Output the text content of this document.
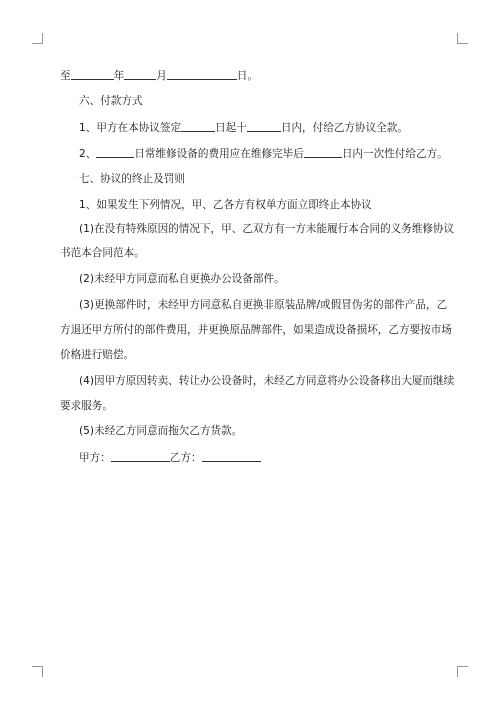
至	年	月	日。
六、付款方式
1、甲方在本协议签定	日起十	日内，付给乙方协议全款。
2、	日常维修设备的费用应在维修完毕后	日内一次性付给乙方。
七、协议的终止及罚则
1、如果发生下列情况，甲、乙各方有权单方面立即终止本协议
(1)在没有特殊原因的情况下，甲、乙双方有一方未能履行本合同的义务维修协议
书范本合同范本。
(2)未经甲方同意而私自更换办公设备部件。
(3)更换部件时，未经甲方同意私自更换非原装品牌/或假冒伪劣的部件产品，乙
方退还甲方所付的部件费用，并更换原品牌部件，如果造成设备损坏，乙方要按市场
价格进行赔偿。
(4)因甲方原因转卖、转让办公设备时，未经乙方同意将办公设备移出大厦而继续
要求服务。
(5)未经乙方同意而拖欠乙方货款。
甲方：	乙方：
